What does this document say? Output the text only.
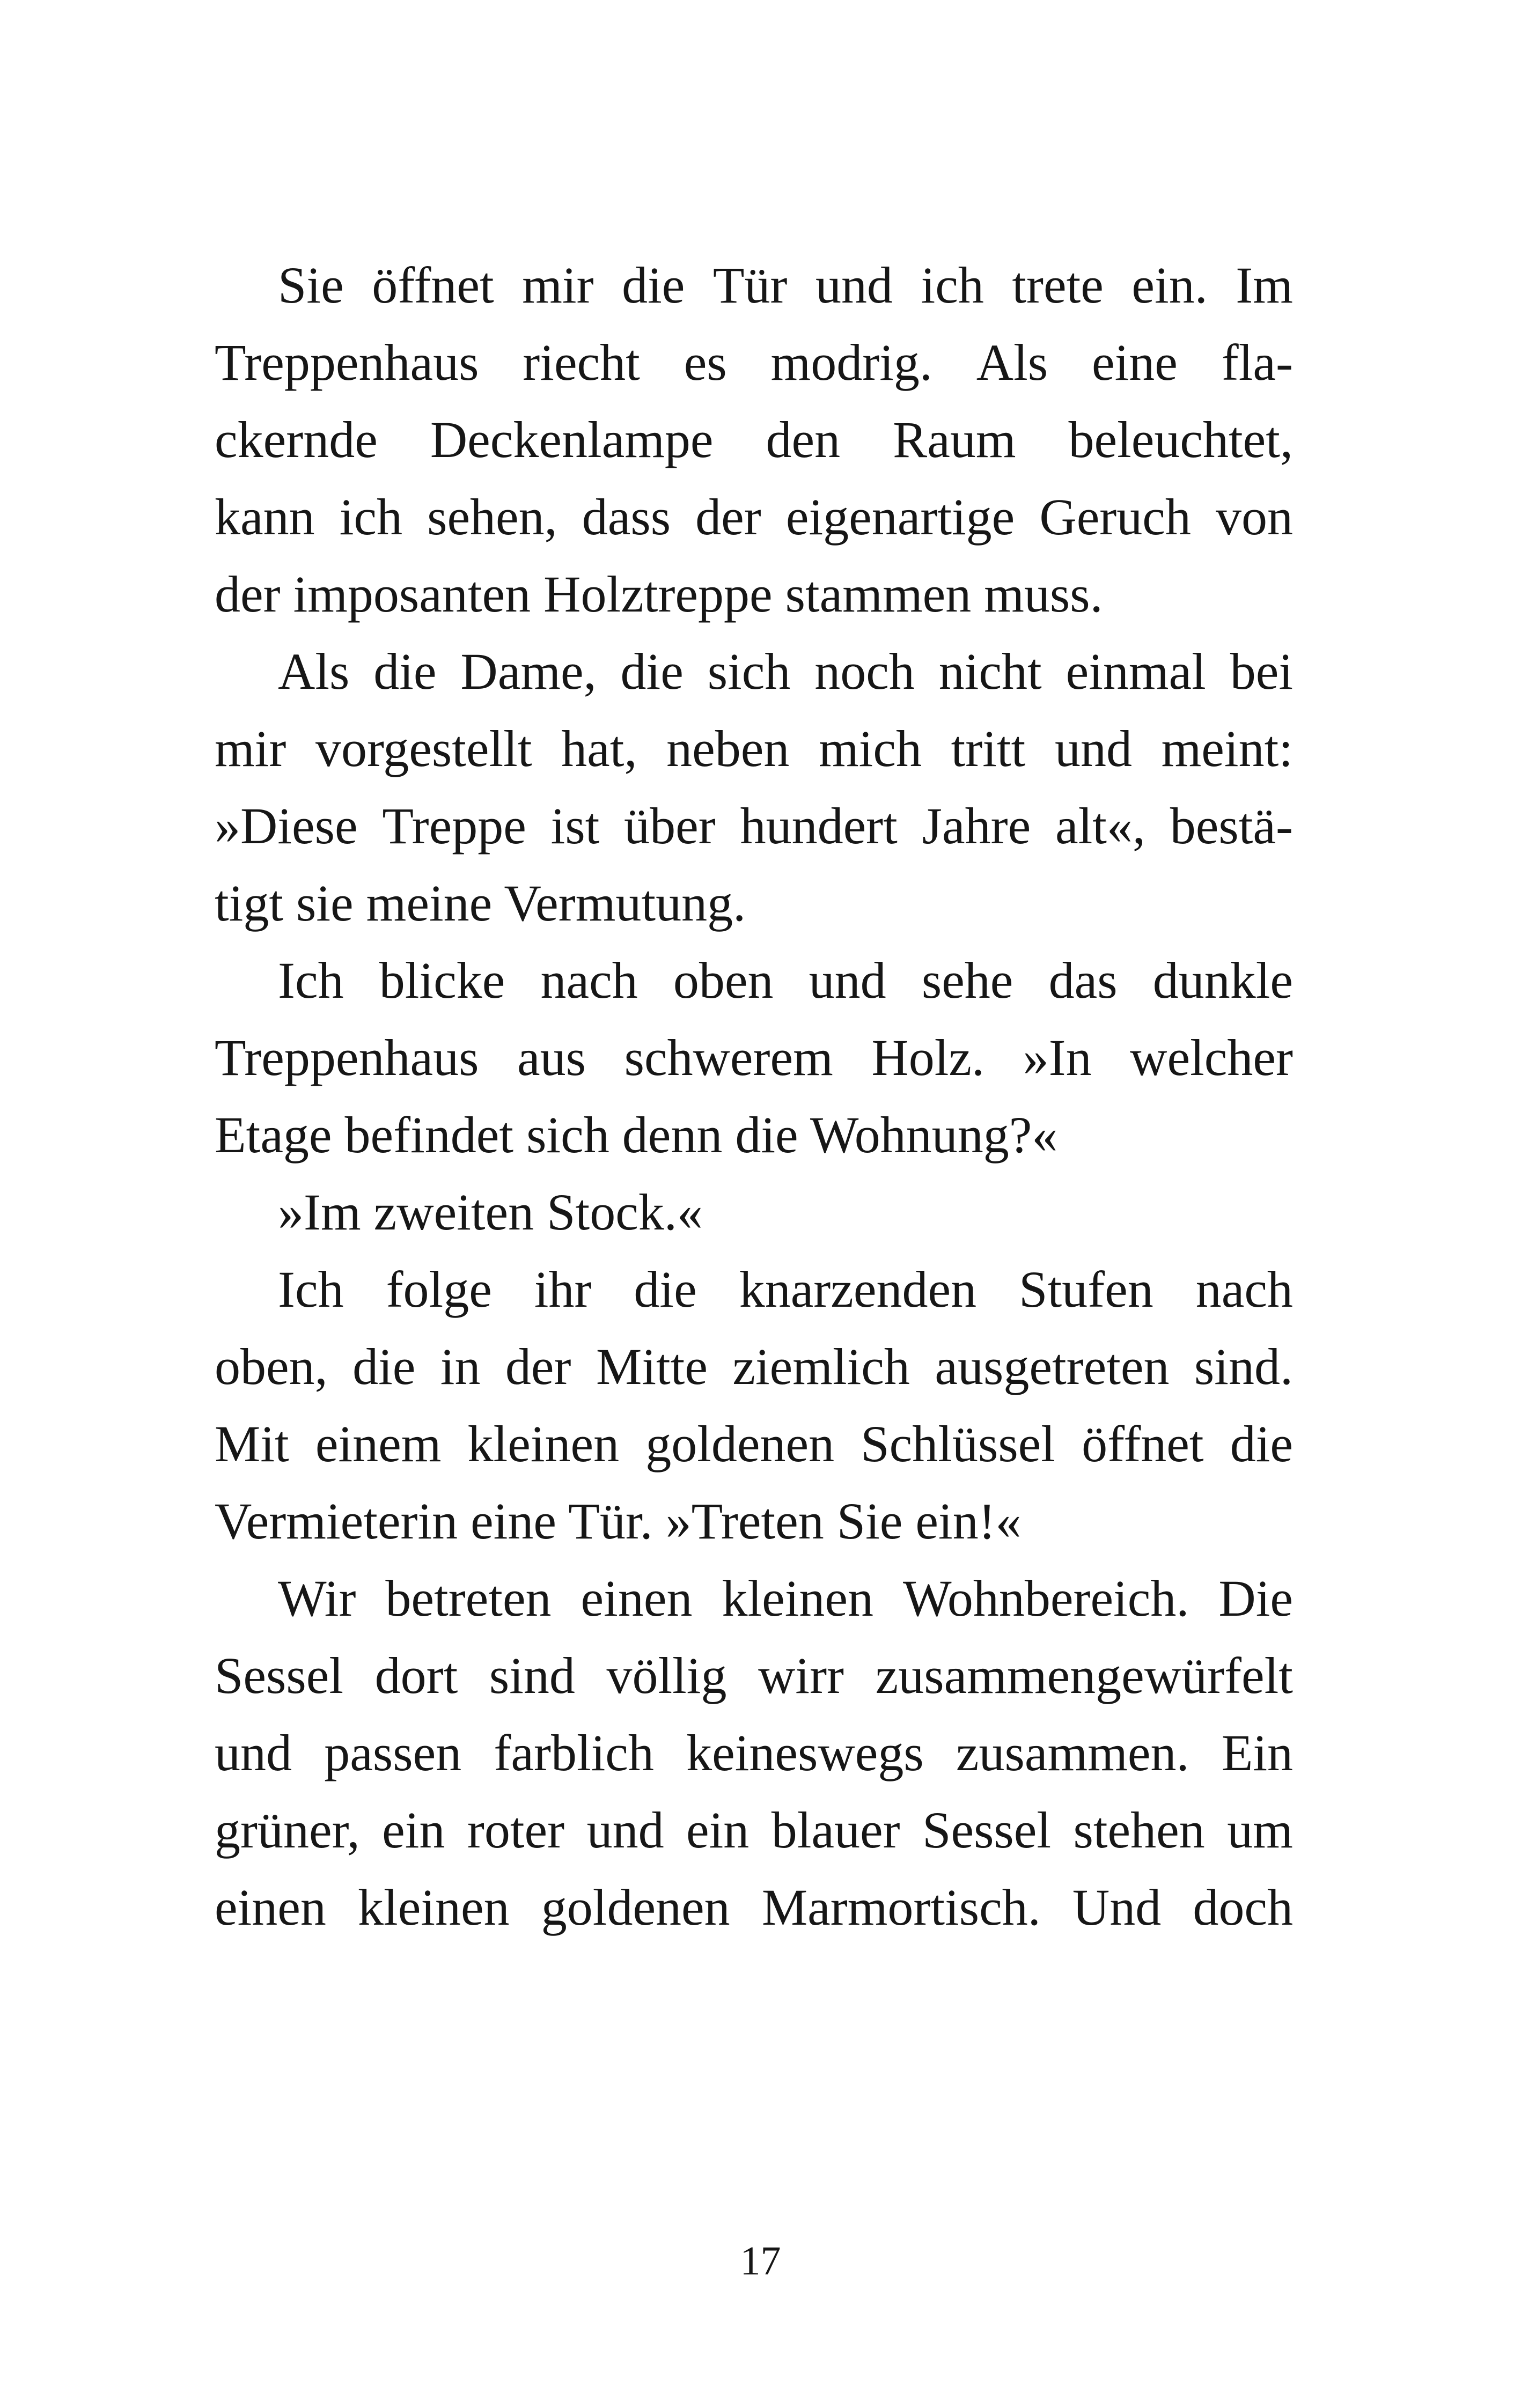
Sie öffnet mir die Tür und ich trete ein. Im
Treppenhaus riecht es modrig. Als eine fla-
ckernde Deckenlampe den Raum beleuchtet,
kann ich sehen, dass der eigenartige Geruch von
der imposanten Holztreppe stammen muss.
Als die Dame, die sich noch nicht einmal bei
mir vorgestellt hat, neben mich tritt und meint:
»Diese Treppe ist über hundert Jahre alt«, bestä-
tigt sie meine Vermutung.
Ich blicke nach oben und sehe das dunkle
Treppenhaus aus schwerem Holz. »In welcher
Etage befindet sich denn die Wohnung?«
»Im zweiten Stock.«
Ich folge ihr die knarzenden Stufen nach
oben, die in der Mitte ziemlich ausgetreten sind.
Mit einem kleinen goldenen Schlüssel öffnet die
Vermieterin eine Tür. »Treten Sie ein!«
Wir betreten einen kleinen Wohnbereich. Die
Sessel dort sind völlig wirr zusammengewürfelt
und passen farblich keineswegs zusammen. Ein
grüner, ein roter und ein blauer Sessel stehen um
einen kleinen goldenen Marmortisch. Und doch
17
